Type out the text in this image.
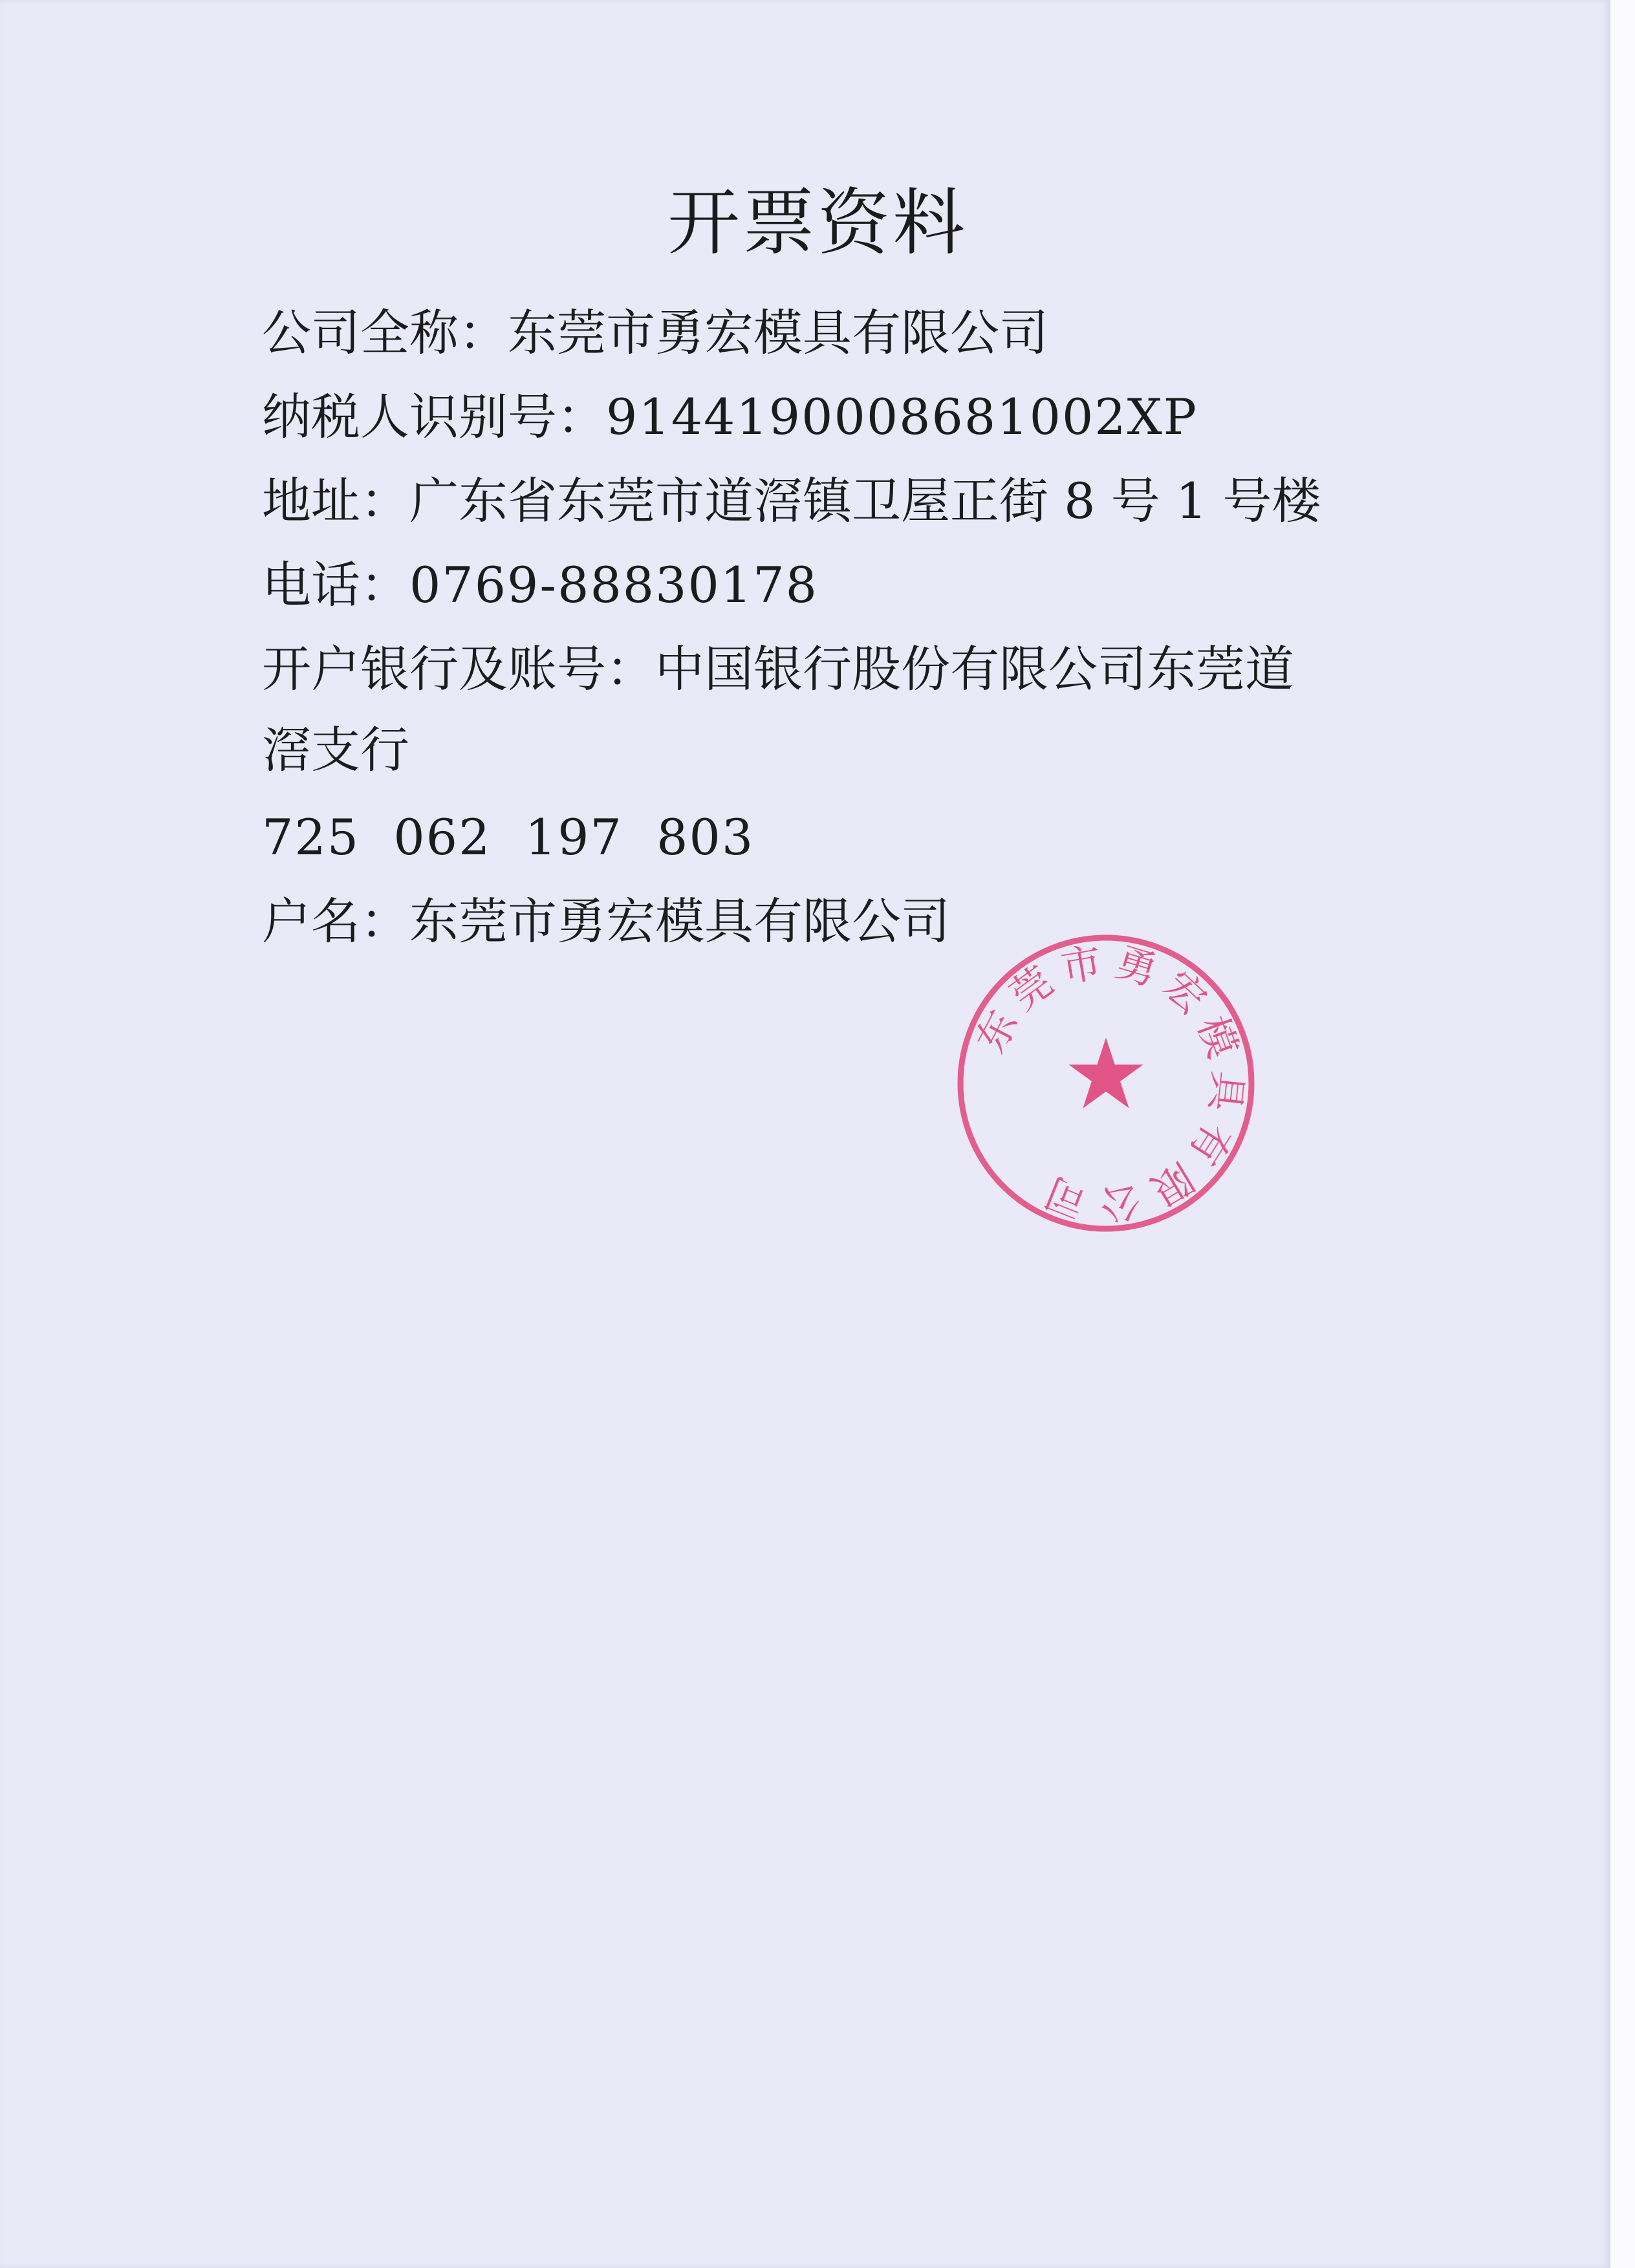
开票资料
公司全称：东莞市勇宏模具有限公司
纳税人识别号：9144190008681002XP
地址：广东省东莞市道滘镇卫屋正街 8 号 1 号楼
电话：0769-88830178
开户银行及账号：中国银行股份有限公司东莞道
滘支行
725  062  197  803
户名：东莞市勇宏模具有限公司
东莞市勇宏模具有限公司
★
